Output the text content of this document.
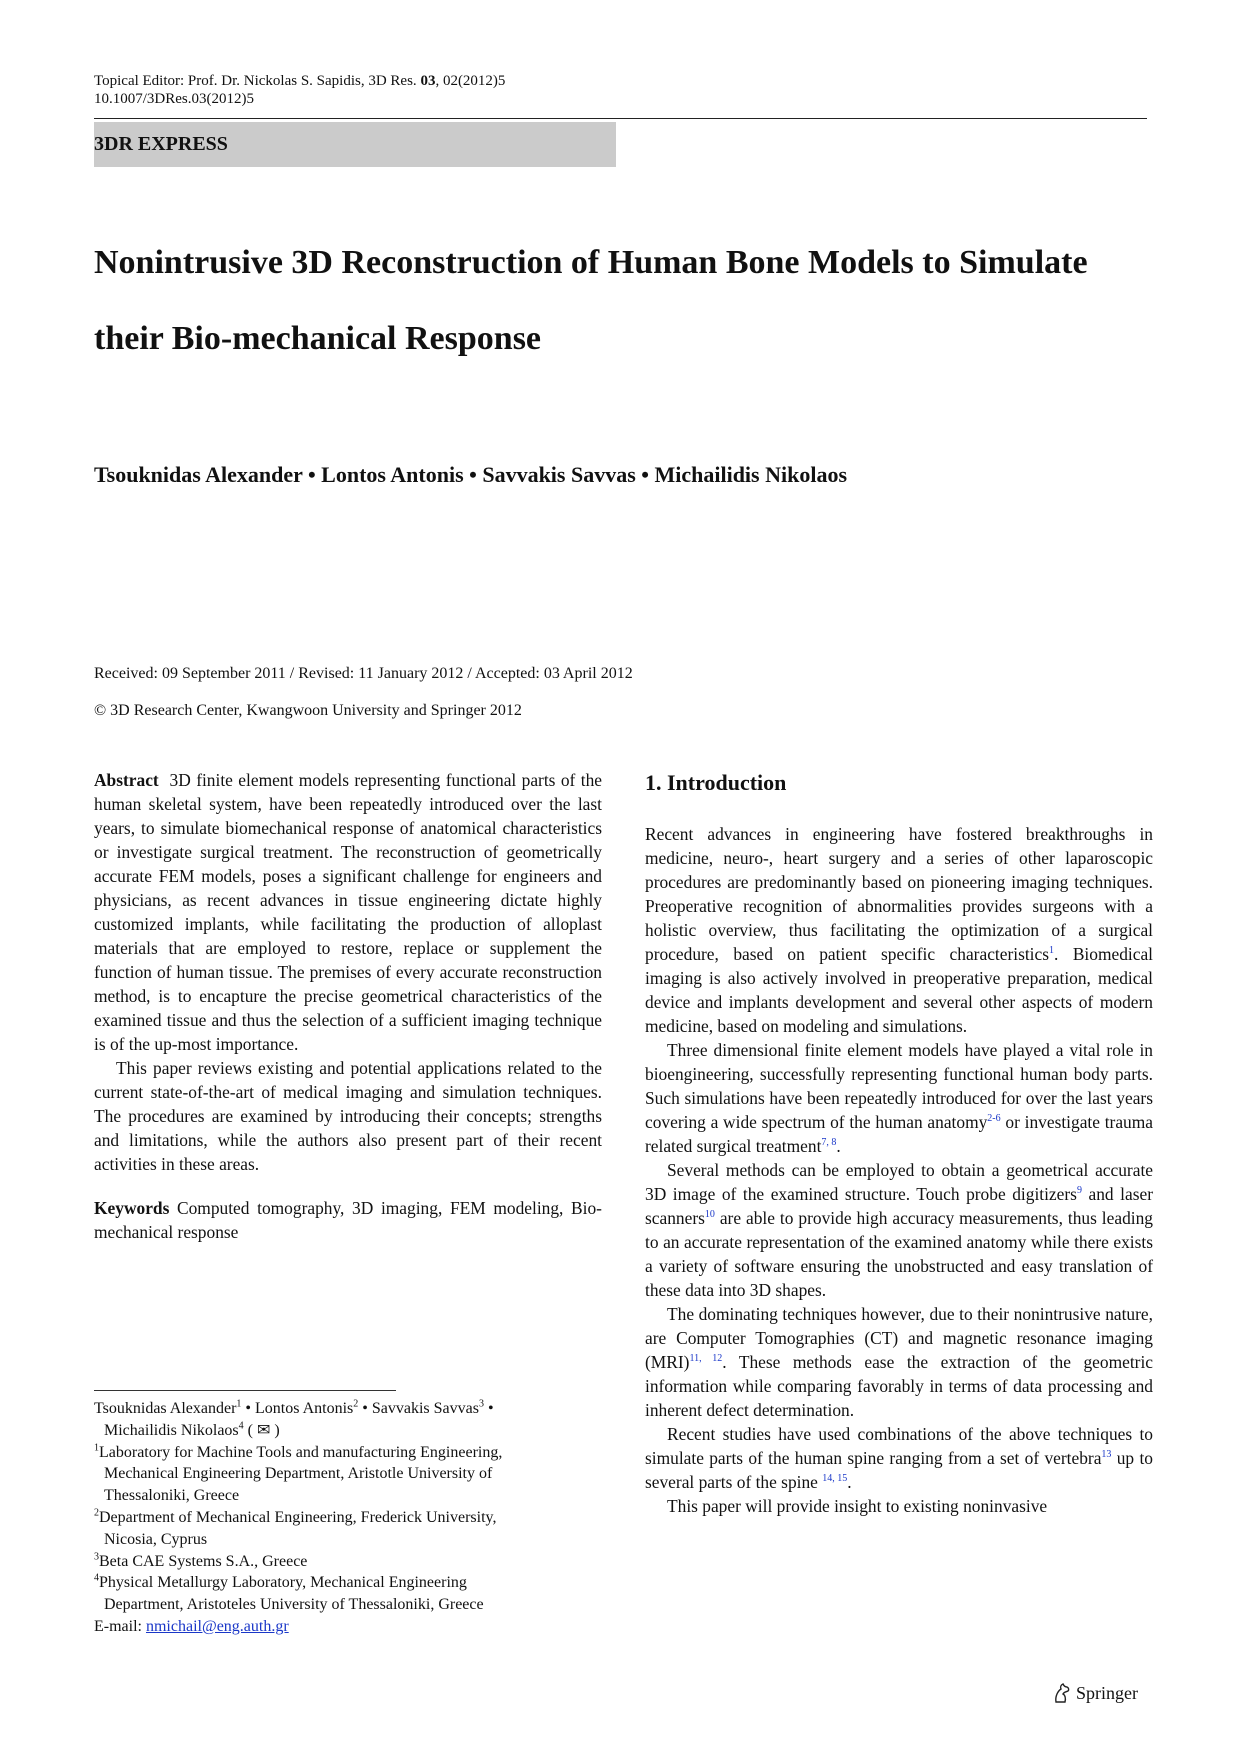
Topical Editor: Prof. Dr. Nickolas S. Sapidis, 3D Res. 03, 02(2012)5
10.1007/3DRes.03(2012)5
3DR EXPRESS
Nonintrusive 3D Reconstruction of Human Bone Models to Simulate
their Bio-mechanical Response
Tsouknidas Alexander • Lontos Antonis • Savvakis Savvas • Michailidis Nikolaos
Received: 09 September 2011 / Revised: 11 January 2012 / Accepted: 03 April 2012
© 3D Research Center, Kwangwoon University and Springer 2012

Abstract 3D finite element models representing functional parts of the human skeletal system, have been repeatedly introduced over the last years, to simulate biomechanical response of anatomical characteristics or investigate surgical treatment. The reconstruction of geometrically accurate FEM models, poses a significant challenge for engineers and physicians, as recent advances in tissue engineering dictate highly customized implants, while facilitating the production of alloplast materials that are employed to restore, replace or supplement the function of human tissue. The premises of every accurate reconstruction method, is to encapture the precise geometrical characteristics of the examined tissue and thus the selection of a sufficient imaging technique is of the up-most importance.

This paper reviews existing and potential applications related to the current state-of-the-art of medical imaging and simulation techniques. The procedures are examined by introducing their concepts; strengths and limitations, while the authors also present part of their recent activities in these areas.

Keywords Computed tomography, 3D imaging, FEM modeling, Bio-mechanical response

Tsouknidas Alexander$^1$ • Lontos Antonis$^2$ • Savvakis Savvas$^3$ •

Michailidis Nikolaos$^4$ ( ✉ )

$^1$Laboratory for Machine Tools and manufacturing Engineering,

Mechanical Engineering Department, Aristotle University of

Thessaloniki, Greece

$^2$Department of Mechanical Engineering, Frederick University,

Nicosia, Cyprus

$^3$Beta CAE Systems S.A., Greece

$^4$Physical Metallurgy Laboratory, Mechanical Engineering

Department, Aristoteles University of Thessaloniki, Greece

E-mail: nmichail@eng.auth.gr

1. Introduction

Recent advances in engineering have fostered breakthroughs in medicine, neuro-, heart surgery and a series of other laparoscopic procedures are predominantly based on pioneering imaging techniques. Preoperative recognition of abnormalities provides surgeons with a holistic overview, thus facilitating the optimization of a surgical procedure, based on patient specific characteristics$^1$. Biomedical imaging is also actively involved in preoperative preparation, medical device and implants development and several other aspects of modern medicine, based on modeling and simulations.

Three dimensional finite element models have played a vital role in bioengineering, successfully representing functional human body parts. Such simulations have been repeatedly introduced for over the last years covering a wide spectrum of the human anatomy$^{2-6}$ or investigate trauma related surgical treatment$^{7, 8}$.

Several methods can be employed to obtain a geometrical accurate 3D image of the examined structure. Touch probe digitizers$^9$ and laser scanners$^{10}$ are able to provide high accuracy measurements, thus leading to an accurate representation of the examined anatomy while there exists a variety of software ensuring the unobstructed and easy translation of these data into 3D shapes.

The dominating techniques however, due to their nonintrusive nature, are Computer Tomographies (CT) and magnetic resonance imaging (MRI)$^{11, 12}$. These methods ease the extraction of the geometric information while comparing favorably in terms of data processing and inherent defect determination.

Recent studies have used combinations of the above techniques to simulate parts of the human spine ranging from a set of vertebra$^{13}$ up to several parts of the spine $^{14, 15}$.

This paper will provide insight to existing noninvasive

Springer
